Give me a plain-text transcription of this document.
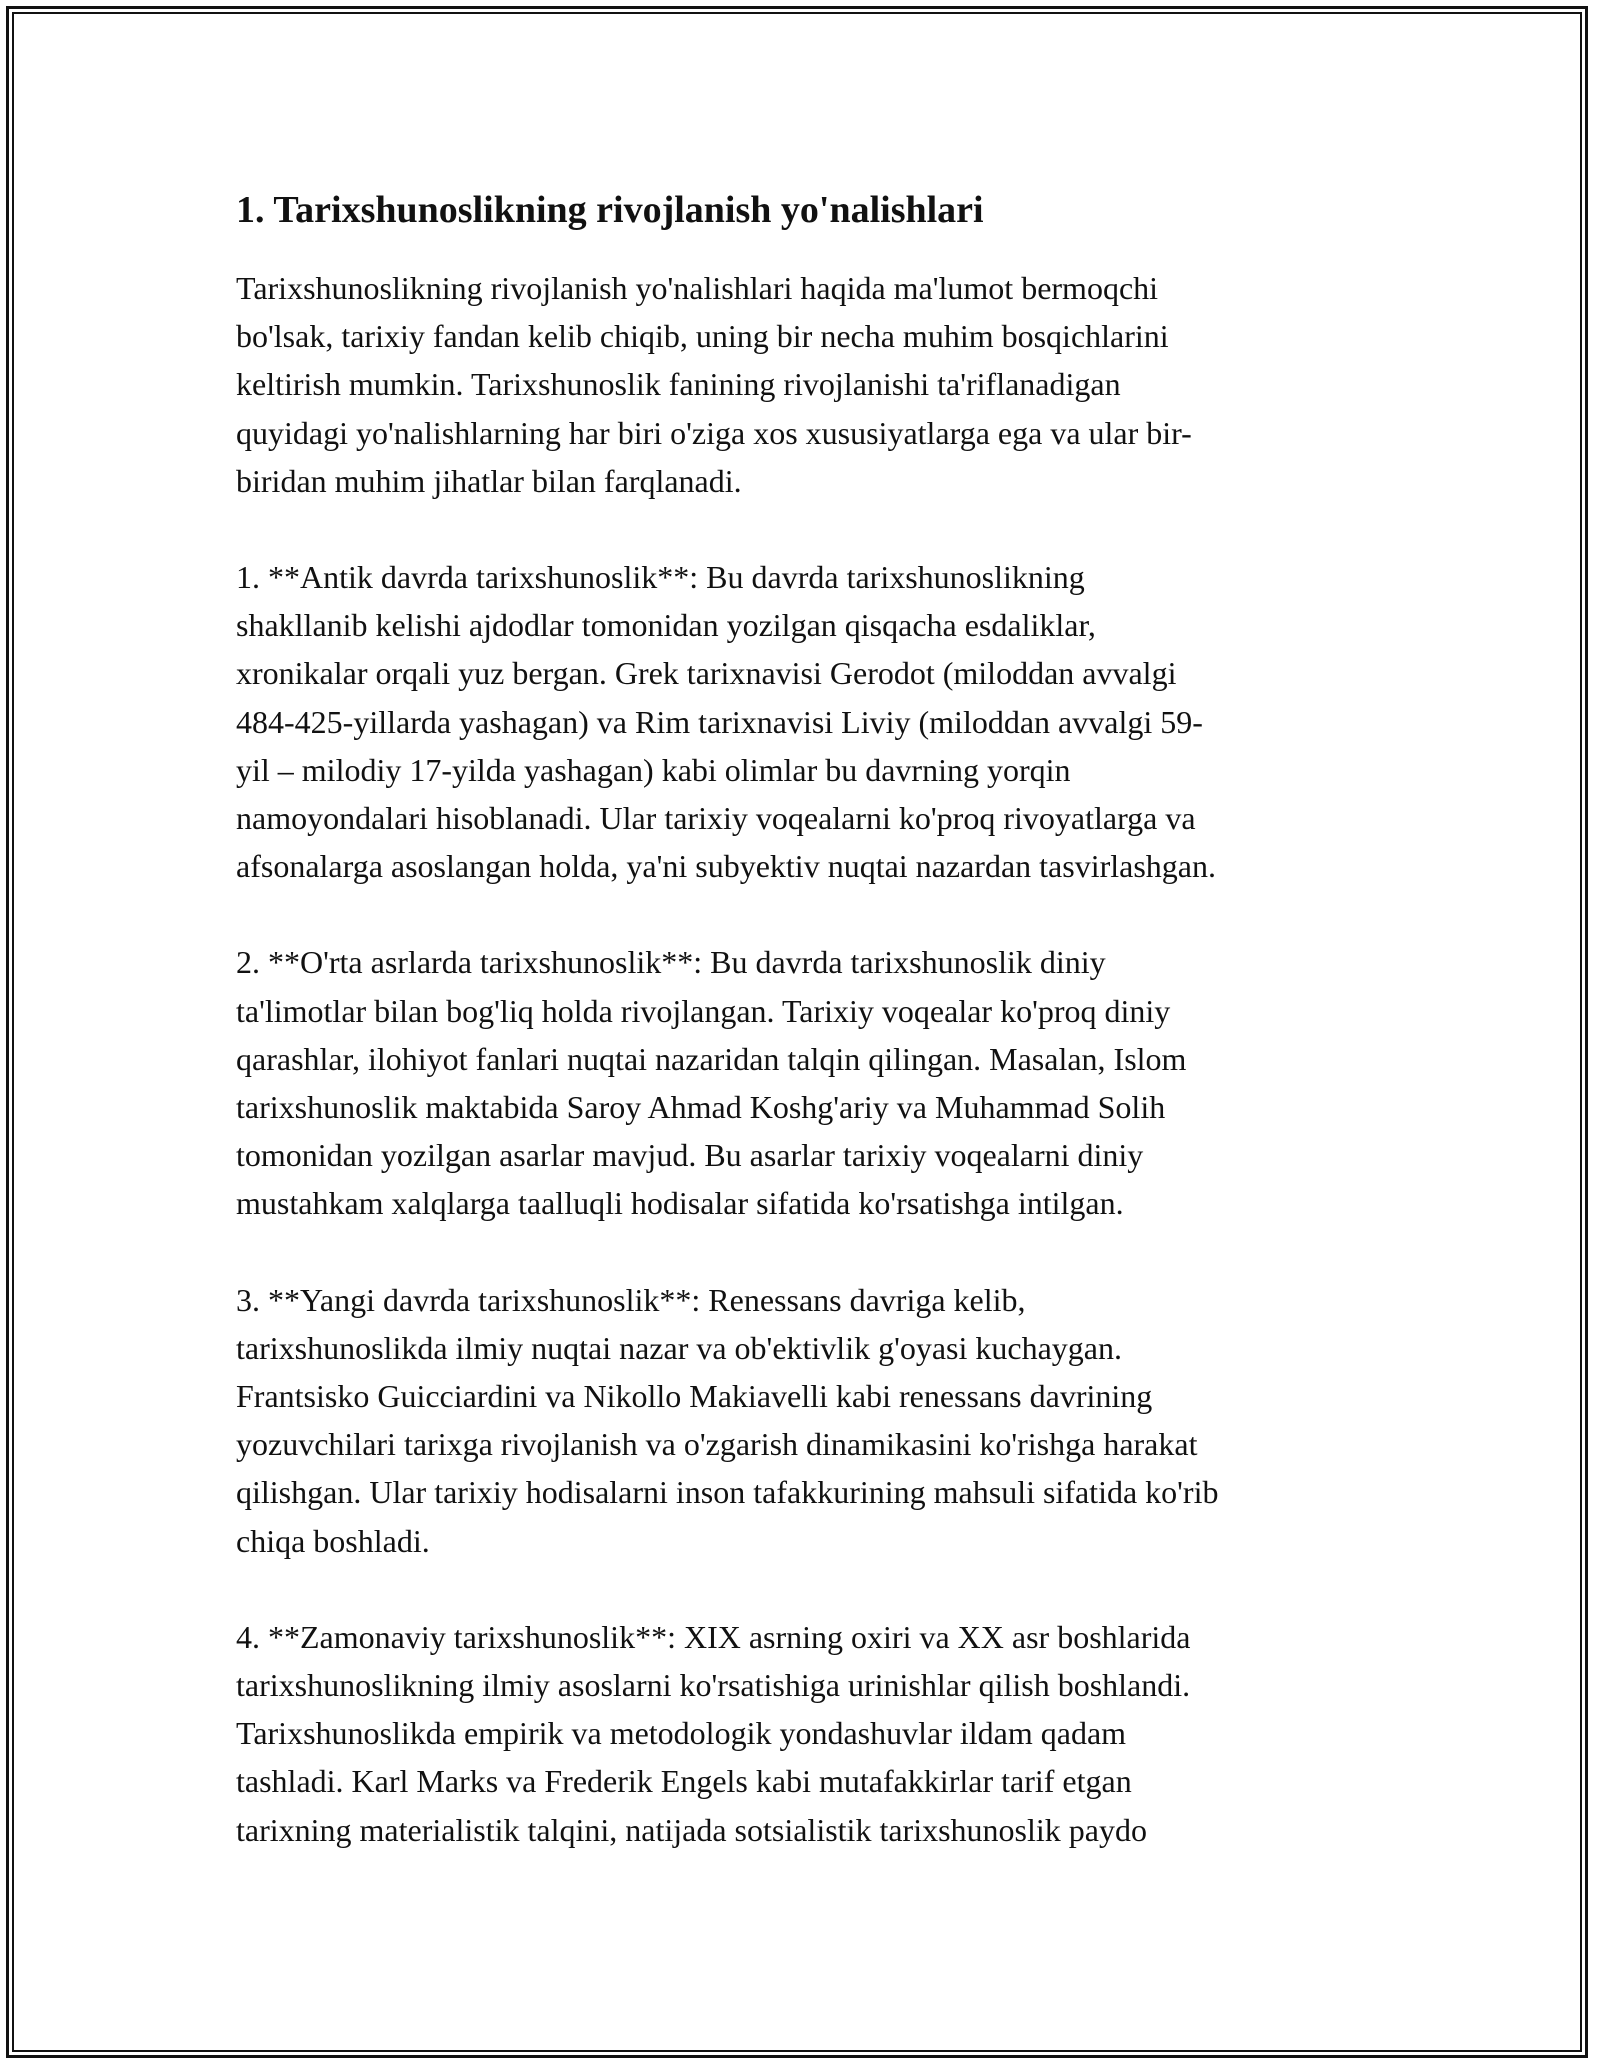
1. Tarixshunoslikning rivojlanish yo'nalishlari

Tarixshunoslikning rivojlanish yo'nalishlari haqida ma'lumot bermoqchi
bo'lsak, tarixiy fandan kelib chiqib, uning bir necha muhim bosqichlarini
keltirish mumkin. Tarixshunoslik fanining rivojlanishi ta'riflanadigan
quyidagi yo'nalishlarning har biri o'ziga xos xususiyatlarga ega va ular bir-
biridan muhim jihatlar bilan farqlanadi.

1. **Antik davrda tarixshunoslik**: Bu davrda tarixshunoslikning
shakllanib kelishi ajdodlar tomonidan yozilgan qisqacha esdaliklar,
xronikalar orqali yuz bergan. Grek tarixnavisi Gerodot (miloddan avvalgi
484-425-yillarda yashagan) va Rim tarixnavisi Liviy (miloddan avvalgi 59-
yil – milodiy 17-yilda yashagan) kabi olimlar bu davrning yorqin
namoyondalari hisoblanadi. Ular tarixiy voqealarni ko'proq rivoyatlarga va
afsonalarga asoslangan holda, ya'ni subyektiv nuqtai nazardan tasvirlashgan.

2. **O'rta asrlarda tarixshunoslik**: Bu davrda tarixshunoslik diniy
ta'limotlar bilan bog'liq holda rivojlangan. Tarixiy voqealar ko'proq diniy
qarashlar, ilohiyot fanlari nuqtai nazaridan talqin qilingan. Masalan, Islom
tarixshunoslik maktabida Saroy Ahmad Koshg'ariy va Muhammad Solih
tomonidan yozilgan asarlar mavjud. Bu asarlar tarixiy voqealarni diniy
mustahkam xalqlarga taalluqli hodisalar sifatida ko'rsatishga intilgan.

3. **Yangi davrda tarixshunoslik**: Renessans davriga kelib,
tarixshunoslikda ilmiy nuqtai nazar va ob'ektivlik g'oyasi kuchaygan.
Frantsisko Guicciardini va Nikollo Makiavelli kabi renessans davrining
yozuvchilari tarixga rivojlanish va o'zgarish dinamikasini ko'rishga harakat
qilishgan. Ular tarixiy hodisalarni inson tafakkurining mahsuli sifatida ko'rib
chiqa boshladi.

4. **Zamonaviy tarixshunoslik**: XIX asrning oxiri va XX asr boshlarida
tarixshunoslikning ilmiy asoslarni ko'rsatishiga urinishlar qilish boshlandi.
Tarixshunoslikda empirik va metodologik yondashuvlar ildam qadam
tashladi. Karl Marks va Frederik Engels kabi mutafakkirlar tarif etgan
tarixning materialistik talqini, natijada sotsialistik tarixshunoslik paydo
